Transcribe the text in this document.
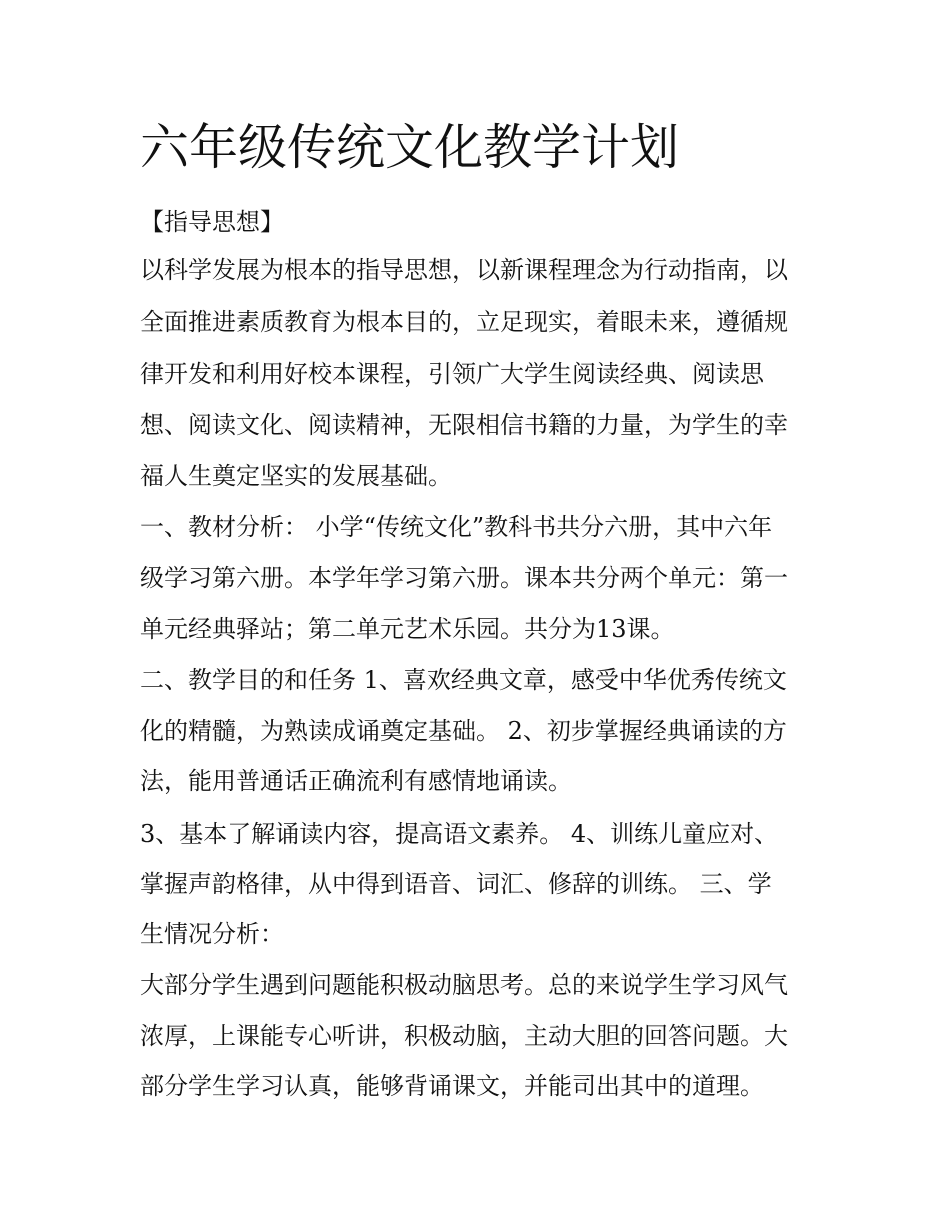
六年级传统文化教学计划
【指导思想】
以科学发展为根本的指导思想，以新课程理念为行动指南，以
全面推进素质教育为根本目的，立足现实，着眼未来，遵循规
律开发和利用好校本课程，引领广大学生阅读经典、阅读思
想、阅读文化、阅读精神，无限相信书籍的力量，为学生的幸
福人生奠定坚实的发展基础。
一、教材分析： 小学“传统文化”教科书共分六册，其中六年
级学习第六册。本学年学习第六册。课本共分两个单元：第一
单元经典驿站；第二单元艺术乐园。共分为13课。
二、教学目的和任务 1、喜欢经典文章，感受中华优秀传统文
化的精髓，为熟读成诵奠定基础。 2、初步掌握经典诵读的方
法，能用普通话正确流利有感情地诵读。
3、基本了解诵读内容，提高语文素养。 4、训练儿童应对、
掌握声韵格律，从中得到语音、词汇、修辞的训练。 三、学
生情况分析：
大部分学生遇到问题能积极动脑思考。总的来说学生学习风气
浓厚，上课能专心听讲，积极动脑，主动大胆的回答问题。大
部分学生学习认真，能够背诵课文，并能司出其中的道理。
